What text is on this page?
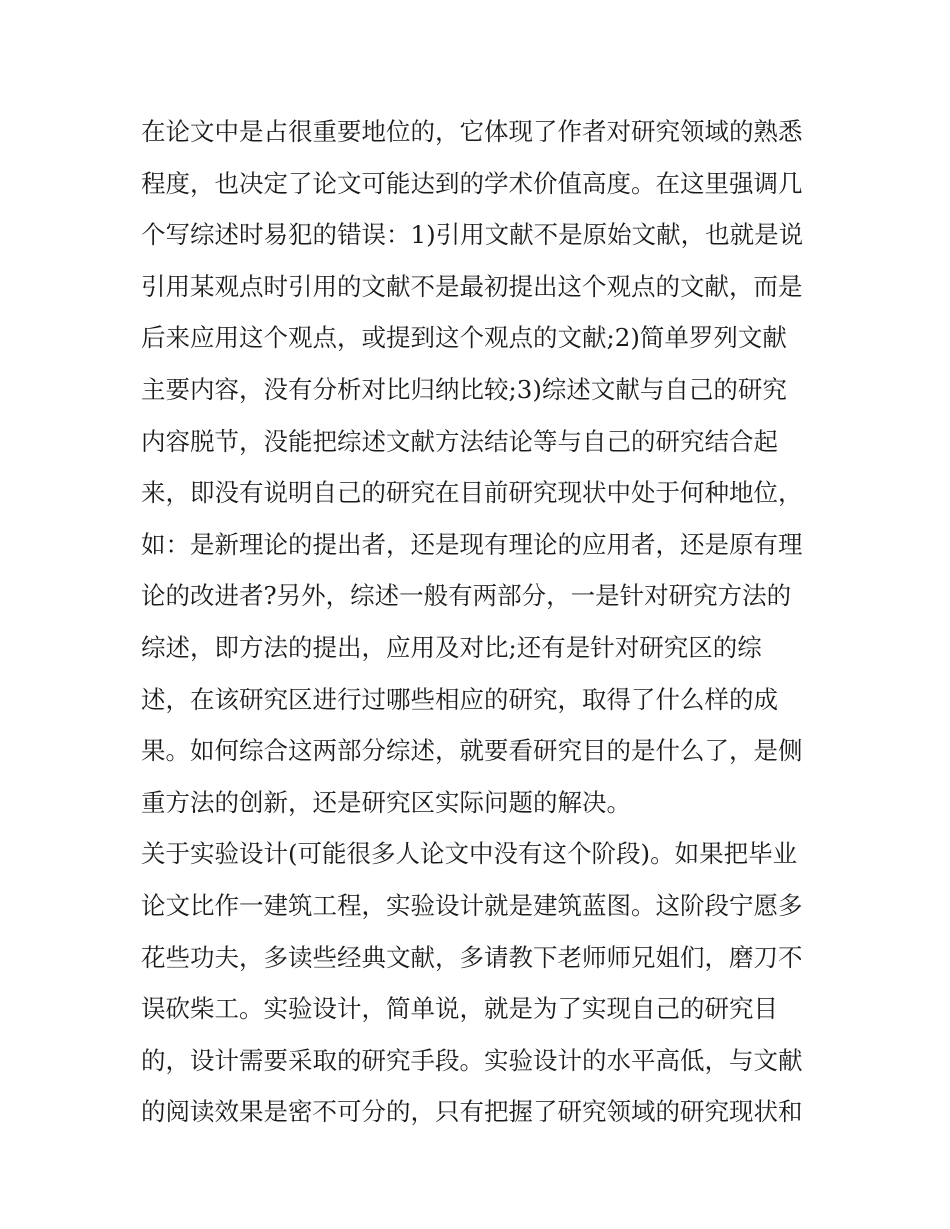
在论文中是占很重要地位的，它体现了作者对研究领域的熟悉
程度，也决定了论文可能达到的学术价值高度。在这里强调几
个写综述时易犯的错误：1)引用文献不是原始文献，也就是说
引用某观点时引用的文献不是最初提出这个观点的文献，而是
后来应用这个观点，或提到这个观点的文献;2)简单罗列文献
主要内容，没有分析对比归纳比较;3)综述文献与自己的研究
内容脱节，没能把综述文献方法结论等与自己的研究结合起
来，即没有说明自己的研究在目前研究现状中处于何种地位，
如：是新理论的提出者，还是现有理论的应用者，还是原有理
论的改进者?另外，综述一般有两部分，一是针对研究方法的
综述，即方法的提出，应用及对比;还有是针对研究区的综
述，在该研究区进行过哪些相应的研究，取得了什么样的成
果。如何综合这两部分综述，就要看研究目的是什么了，是侧
重方法的创新，还是研究区实际问题的解决。
关于实验设计(可能很多人论文中没有这个阶段)。如果把毕业
论文比作一建筑工程，实验设计就是建筑蓝图。这阶段宁愿多
花些功夫，多读些经典文献，多请教下老师师兄姐们，磨刀不
误砍柴工。实验设计，简单说，就是为了实现自己的研究目
的，设计需要采取的研究手段。实验设计的水平高低，与文献
的阅读效果是密不可分的，只有把握了研究领域的研究现状和
